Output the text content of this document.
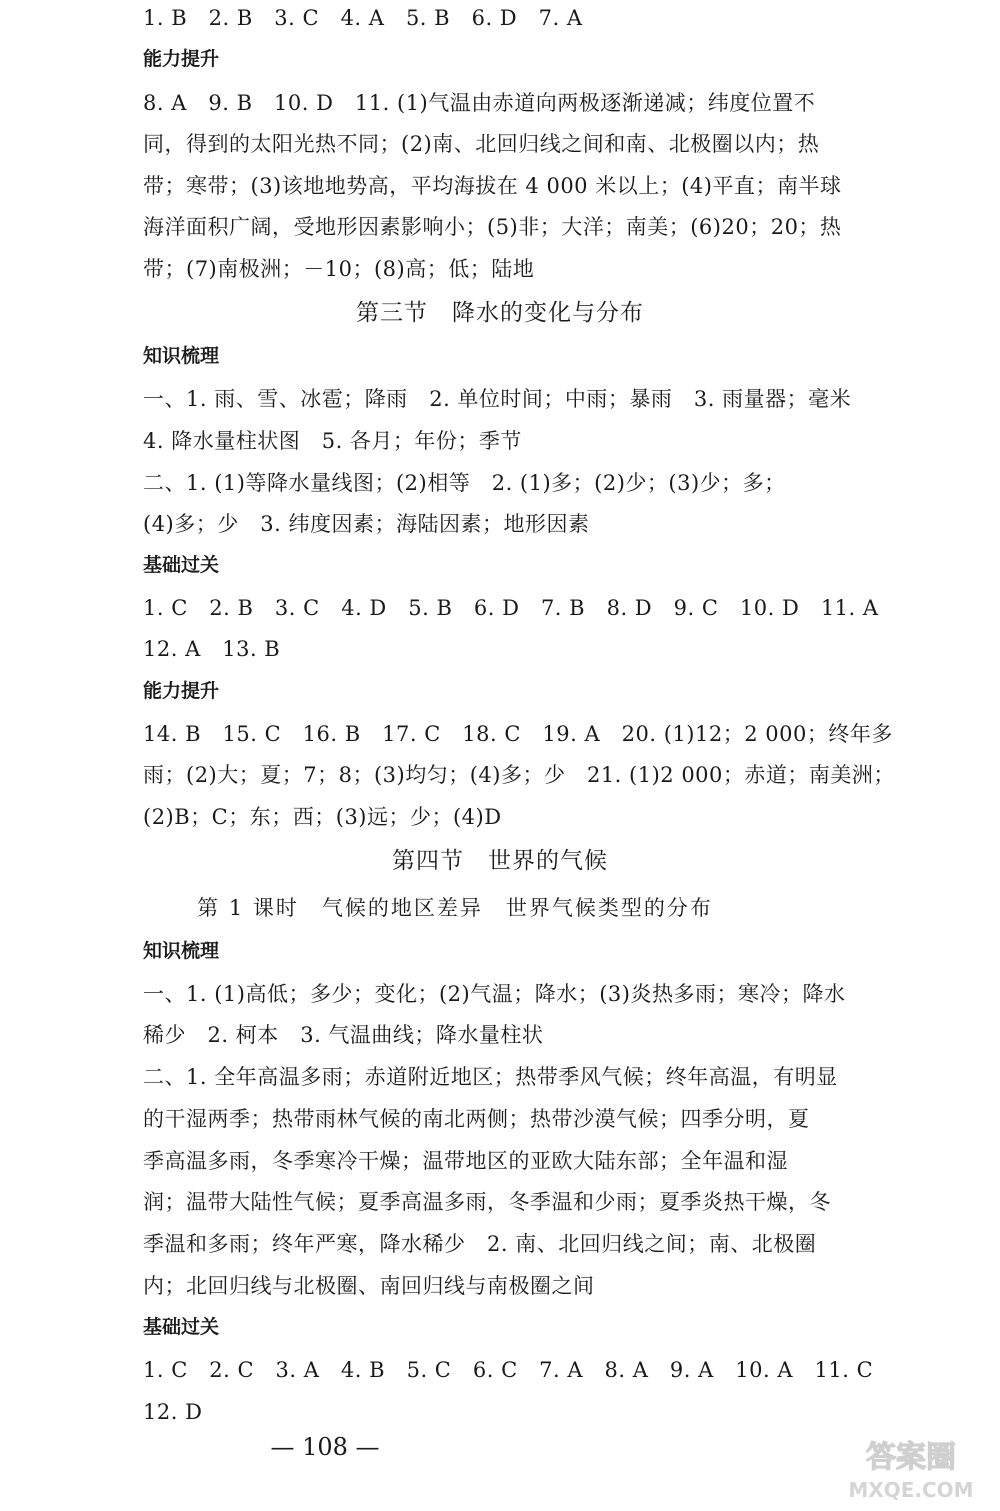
1. B　2. B　3. C　4. A　5. B　6. D　7. A
能力提升
8. A　9. B　10. D　11. (1)气温由赤道向两极逐渐递减；纬度位置不
同，得到的太阳光热不同；(2)南、北回归线之间和南、北极圈以内；热
带；寒带；(3)该地地势高，平均海拔在 4 000 米以上；(4)平直；南半球
海洋面积广阔，受地形因素影响小；(5)非；大洋；南美；(6)20；20；热
带；(7)南极洲；－10；(8)高；低；陆地
第三节　降水的变化与分布
知识梳理
一、1. 雨、雪、冰雹；降雨　2. 单位时间；中雨；暴雨　3. 雨量器；毫米
4. 降水量柱状图　5. 各月；年份；季节
二、1. (1)等降水量线图；(2)相等　2. (1)多；(2)少；(3)少；多；
(4)多；少　3. 纬度因素；海陆因素；地形因素
基础过关
1. C　2. B　3. C　4. D　5. B　6. D　7. B　8. D　9. C　10. D　11. A
12. A　13. B
能力提升
14. B　15. C　16. B　17. C　18. C　19. A　20. (1)12；2 000；终年多
雨；(2)大；夏；7；8；(3)均匀；(4)多；少　21. (1)2 000；赤道；南美洲；
(2)B；C；东；西；(3)远；少；(4)D
第四节　世界的气候
第 1 课时　气候的地区差异　世界气候类型的分布
知识梳理
一、1. (1)高低；多少；变化；(2)气温；降水；(3)炎热多雨；寒冷；降水
稀少　2. 柯本　3. 气温曲线；降水量柱状
二、1. 全年高温多雨；赤道附近地区；热带季风气候；终年高温，有明显
的干湿两季；热带雨林气候的南北两侧；热带沙漠气候；四季分明，夏
季高温多雨，冬季寒冷干燥；温带地区的亚欧大陆东部；全年温和湿
润；温带大陆性气候；夏季高温多雨，冬季温和少雨；夏季炎热干燥，冬
季温和多雨；终年严寒，降水稀少　2. 南、北回归线之间；南、北极圈
内；北回归线与北极圈、南回归线与南极圈之间
基础过关
1. C　2. C　3. A　4. B　5. C　6. C　7. A　8. A　9. A　10. A　11. C
12. D
— 108 —	答案圈
MXQE.COM
